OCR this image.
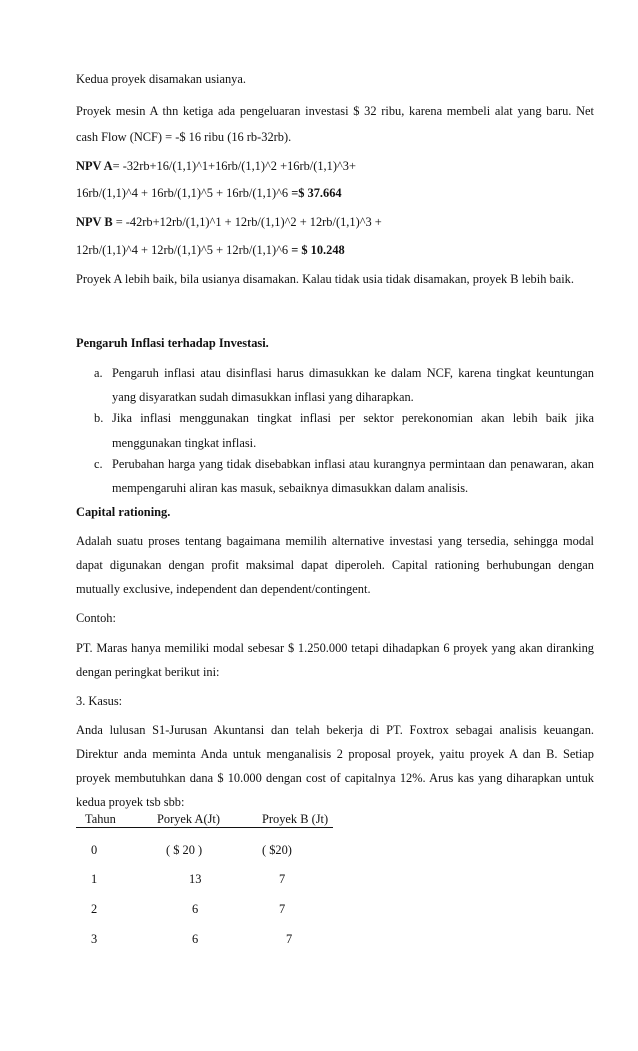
Kedua proyek disamakan usianya.
Proyek mesin A thn ketiga ada pengeluaran investasi $ 32 ribu, karena membeli alat yang baru. Net
cash Flow (NCF) = -$ 16 ribu (16 rb-32rb).
NPV A= -32rb+16/(1,1)^1+16rb/(1,1)^2 +16rb/(1,1)^3+
16rb/(1,1)^4 + 16rb/(1,1)^5 + 16rb/(1,1)^6 =$ 37.664
NPV B = -42rb+12rb/(1,1)^1 + 12rb/(1,1)^2 + 12rb/(1,1)^3 +
12rb/(1,1)^4 + 12rb/(1,1)^5 + 12rb/(1,1)^6 = $ 10.248
Proyek A lebih baik, bila usianya disamakan. Kalau tidak usia tidak disamakan, proyek B lebih baik.
Pengaruh Inflasi terhadap Investasi.
a. Pengaruh inflasi atau disinflasi harus dimasukkan ke dalam NCF, karena tingkat keuntungan
yang disyaratkan sudah dimasukkan inflasi yang diharapkan.
b. Jika inflasi menggunakan tingkat inflasi per sektor perekonomian akan lebih baik jika
menggunakan tingkat inflasi.
c. Perubahan harga yang tidak disebabkan inflasi atau kurangnya permintaan dan penawaran, akan
mempengaruhi aliran kas masuk, sebaiknya dimasukkan dalam analisis.
Capital rationing.
Adalah suatu proses tentang bagaimana memilih alternative investasi yang tersedia, sehingga modal
dapat digunakan dengan profit maksimal dapat diperoleh. Capital rationing berhubungan dengan
mutually exclusive, independent dan dependent/contingent.
Contoh:
PT. Maras hanya memiliki modal sebesar $ 1.250.000 tetapi dihadapkan 6 proyek yang akan diranking
dengan peringkat berikut ini:
3. Kasus:
Anda lulusan S1-Jurusan Akuntansi dan telah bekerja di PT. Foxtrox sebagai analisis keuangan.
Direktur anda meminta Anda untuk menganalisis 2 proposal proyek, yaitu proyek A dan B. Setiap
proyek membutuhkan dana $ 10.000 dengan cost of capitalnya 12%. Arus kas yang diharapkan untuk
kedua proyek tsb sbb:
Tahun	Poryek A(Jt)	Proyek B (Jt)
0	( $ 20 )	( $20)
1	13	7
2	6	7
3	6	7
